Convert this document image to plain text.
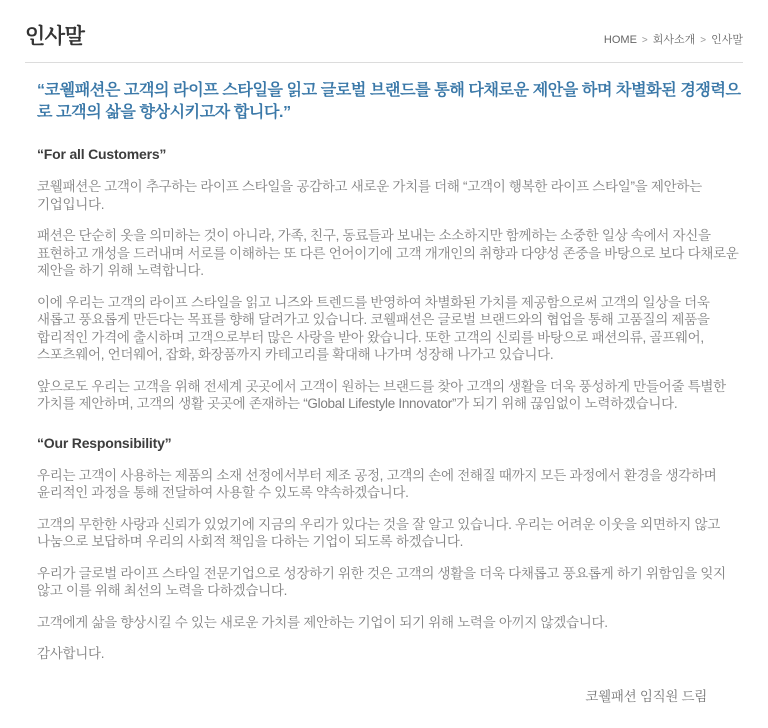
인사말	HOME > 회사소개 > 인사말
“코웰패션은 고객의 라이프 스타일을 읽고 글로벌 브랜드를 통해 다채로운 제안을 하며 차별화된 경쟁력으로 고객의 삶을 향상시키고자 합니다.”
“For all Customers”

코웰패션은 고객이 추구하는 라이프 스타일을 공감하고 새로운 가치를 더해 “고객이 행복한 라이프 스타일”을 제안하는 기업입니다.

패션은 단순히 옷을 의미하는 것이 아니라, 가족, 친구, 동료들과 보내는 소소하지만 함께하는 소중한 일상 속에서 자신을 표현하고 개성을 드러내며 서로를 이해하는 또 다른 언어이기에 고객 개개인의 취향과 다양성 존중을 바탕으로 보다 다채로운 제안을 하기 위해 노력합니다.

이에 우리는 고객의 라이프 스타일을 읽고 니즈와 트렌드를 반영하여 차별화된 가치를 제공함으로써 고객의 일상을 더욱 새롭고 풍요롭게 만든다는 목표를 향해 달려가고 있습니다. 코웰패션은 글로벌 브랜드와의 협업을 통해 고품질의 제품을 합리적인 가격에 출시하며 고객으로부터 많은 사랑을 받아 왔습니다. 또한 고객의 신뢰를 바탕으로 패션의류, 골프웨어, 스포츠웨어, 언더웨어, 잡화, 화장품까지 카테고리를 확대해 나가며 성장해 나가고 있습니다.

앞으로도 우리는 고객을 위해 전세계 곳곳에서 고객이 원하는 브랜드를 찾아 고객의 생활을 더욱 풍성하게 만들어줄 특별한 가치를 제안하며, 고객의 생활 곳곳에 존재하는 “Global Lifestyle Innovator”가 되기 위해 끊임없이 노력하겠습니다.

“Our Responsibility”

우리는 고객이 사용하는 제품의 소재 선정에서부터 제조 공정, 고객의 손에 전해질 때까지 모든 과정에서 환경을 생각하며 윤리적인 과정을 통해 전달하여 사용할 수 있도록 약속하겠습니다.

고객의 무한한 사랑과 신뢰가 있었기에 지금의 우리가 있다는 것을 잘 알고 있습니다. 우리는 어려운 이웃을 외면하지 않고 나눔으로 보답하며 우리의 사회적 책임을 다하는 기업이 되도록 하겠습니다.

우리가 글로벌 라이프 스타일 전문기업으로 성장하기 위한 것은 고객의 생활을 더욱 다채롭고 풍요롭게 하기 위함임을 잊지 않고 이를 위해 최선의 노력을 다하겠습니다.

고객에게 삶을 향상시킬 수 있는 새로운 가치를 제안하는 기업이 되기 위해 노력을 아끼지 않겠습니다.

감사합니다.

코웰패션 임직원 드림
